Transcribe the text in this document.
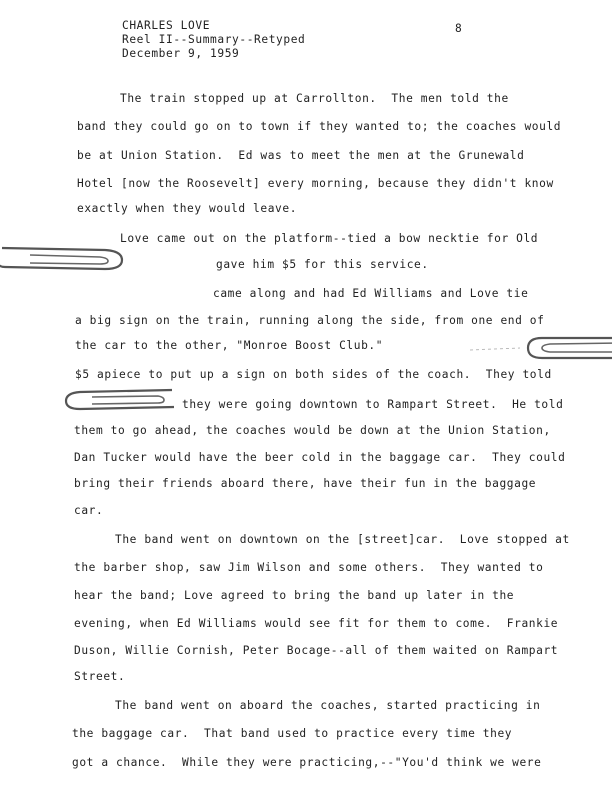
CHARLES LOVE
Reel II--Summary--Retyped
December 9, 1959
8
The train stopped up at Carrollton.  The men told the
band they could go on to town if they wanted to; the coaches would
be at Union Station.  Ed was to meet the men at the Grunewald
Hotel [now the Roosevelt] every morning, because they didn't know
exactly when they would leave.
Love came out on the platform--tied a bow necktie for Old
gave him $5 for this service.
came along and had Ed Williams and Love tie
a big sign on the train, running along the side, from one end of
the car to the other, "Monroe Boost Club."
$5 apiece to put up a sign on both sides of the coach.  They told
they were going downtown to Rampart Street.  He told
them to go ahead, the coaches would be down at the Union Station,
Dan Tucker would have the beer cold in the baggage car.  They could
bring their friends aboard there, have their fun in the baggage
car.
The band went on downtown on the [street]car.  Love stopped at
the barber shop, saw Jim Wilson and some others.  They wanted to
hear the band; Love agreed to bring the band up later in the
evening, when Ed Williams would see fit for them to come.  Frankie
Duson, Willie Cornish, Peter Bocage--all of them waited on Rampart
Street.
The band went on aboard the coaches, started practicing in
the baggage car.  That band used to practice every time they
got a chance.  While they were practicing,--"You'd think we were
